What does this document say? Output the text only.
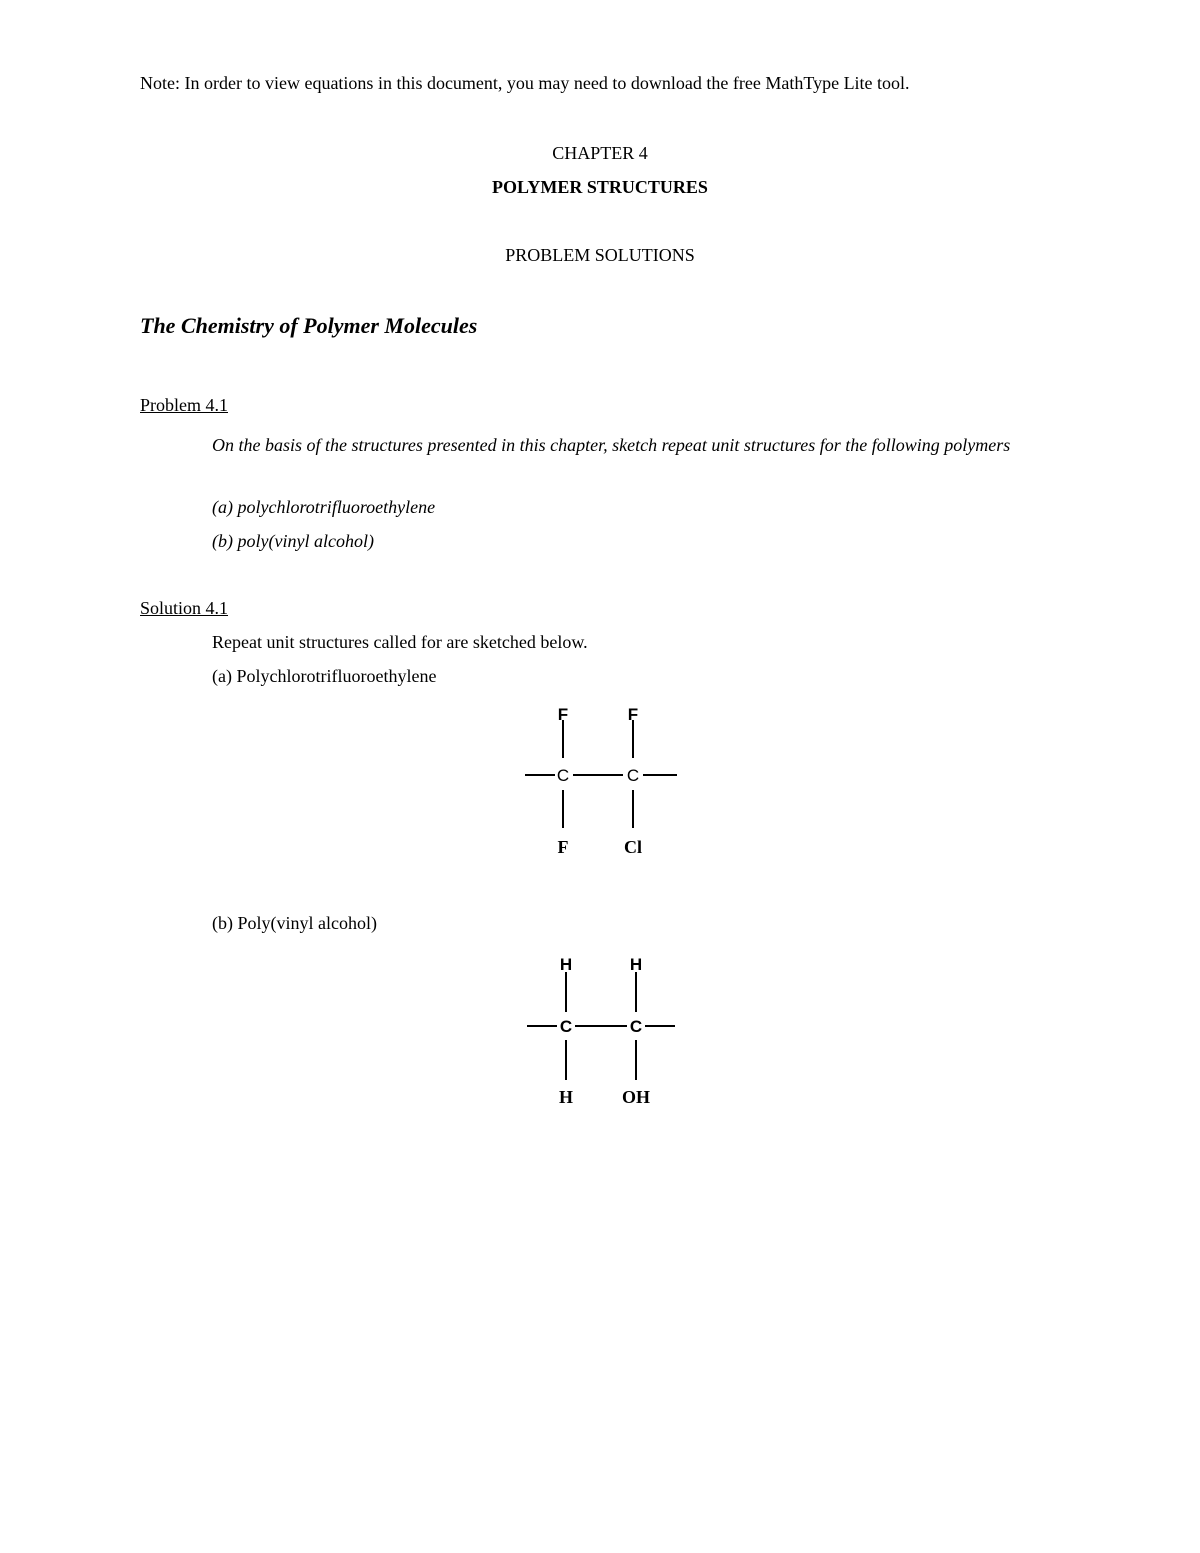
Note: In order to view equations in this document, you may need to download the free MathType Lite tool.
CHAPTER 4
POLYMER STRUCTURES
PROBLEM SOLUTIONS
The Chemistry of Polymer Molecules
Problem 4.1
On the basis of the structures presented in this chapter, sketch repeat unit structures for the following polymers
(a) polychlorotrifluoroethylene
(b) poly(vinyl alcohol)
Solution 4.1
Repeat unit structures called for are sketched below.
(a) Polychlorotrifluoroethylene
F	F
C	C
F	Cl
(b) Poly(vinyl alcohol)
H	H
C	C
H	OH
